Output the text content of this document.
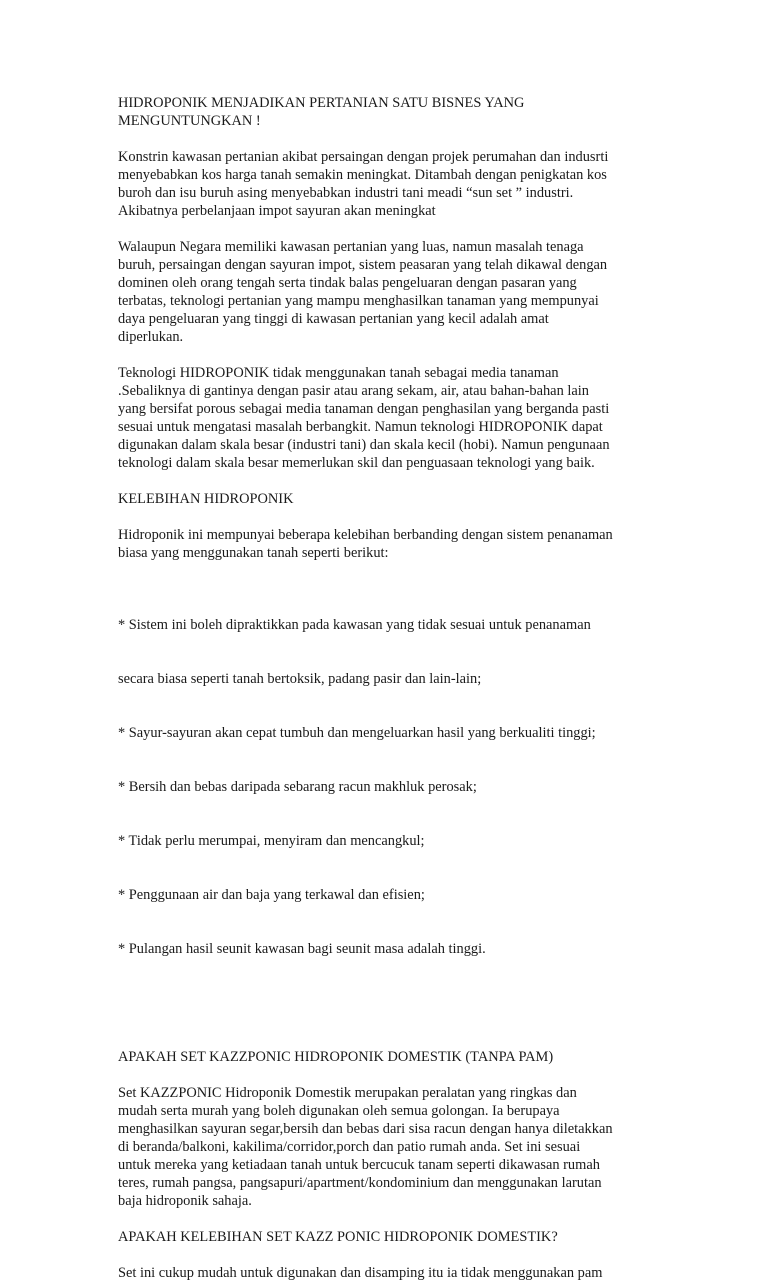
HIDROPONIK MENJADIKAN PERTANIAN SATU BISNES YANG
MENGUNTUNGKAN !
Konstrin kawasan pertanian akibat persaingan dengan projek perumahan dan indusrti
menyebabkan kos harga tanah semakin meningkat. Ditambah dengan penigkatan kos
buroh dan isu buruh asing menyebabkan industri tani meadi “sun set ” industri.
Akibatnya perbelanjaan impot sayuran akan meningkat
Walaupun Negara memiliki kawasan pertanian yang luas, namun masalah tenaga
buruh, persaingan dengan sayuran impot, sistem peasaran yang telah dikawal dengan
dominen oleh orang tengah serta tindak balas pengeluaran dengan pasaran yang
terbatas, teknologi pertanian yang mampu menghasilkan tanaman yang mempunyai
daya pengeluaran yang tinggi di kawasan pertanian yang kecil adalah amat
diperlukan.
Teknologi HIDROPONIK tidak menggunakan tanah sebagai media tanaman
.Sebaliknya di gantinya dengan pasir atau arang sekam, air, atau bahan-bahan lain
yang bersifat porous sebagai media tanaman dengan penghasilan yang berganda pasti
sesuai untuk mengatasi masalah berbangkit. Namun teknologi HIDROPONIK dapat
digunakan dalam skala besar (industri tani) dan skala kecil (hobi). Namun pengunaan
teknologi dalam skala besar memerlukan skil dan penguasaan teknologi yang baik.
KELEBIHAN HIDROPONIK
Hidroponik ini mempunyai beberapa kelebihan berbanding dengan sistem penanaman
biasa yang menggunakan tanah seperti berikut:

* Sistem ini boleh dipraktikkan pada kawasan yang tidak sesuai untuk penanaman

secara biasa seperti tanah bertoksik, padang pasir dan lain-lain;

* Sayur-sayuran akan cepat tumbuh dan mengeluarkan hasil yang berkualiti tinggi;

* Bersih dan bebas daripada sebarang racun makhluk perosak;

* Tidak perlu merumpai, menyiram dan mencangkul;

* Penggunaan air dan baja yang terkawal dan efisien;

* Pulangan hasil seunit kawasan bagi seunit masa adalah tinggi.

APAKAH SET KAZZPONIC HIDROPONIK DOMESTIK (TANPA PAM)
Set KAZZPONIC Hidroponik Domestik merupakan peralatan yang ringkas dan
mudah serta murah yang boleh digunakan oleh semua golongan. Ia berupaya
menghasilkan sayuran segar,bersih dan bebas dari sisa racun dengan hanya diletakkan
di beranda/balkoni, kakilima/corridor,porch dan patio rumah anda. Set ini sesuai
untuk mereka yang ketiadaan tanah untuk bercucuk tanam seperti dikawasan rumah
teres, rumah pangsa, pangsapuri/apartment/kondominium dan menggunakan larutan
baja hidroponik sahaja.
APAKAH KELEBIHAN SET KAZZ PONIC HIDROPONIK DOMESTIK?
Set ini cukup mudah untuk digunakan dan disamping itu ia tidak menggunakan pam
